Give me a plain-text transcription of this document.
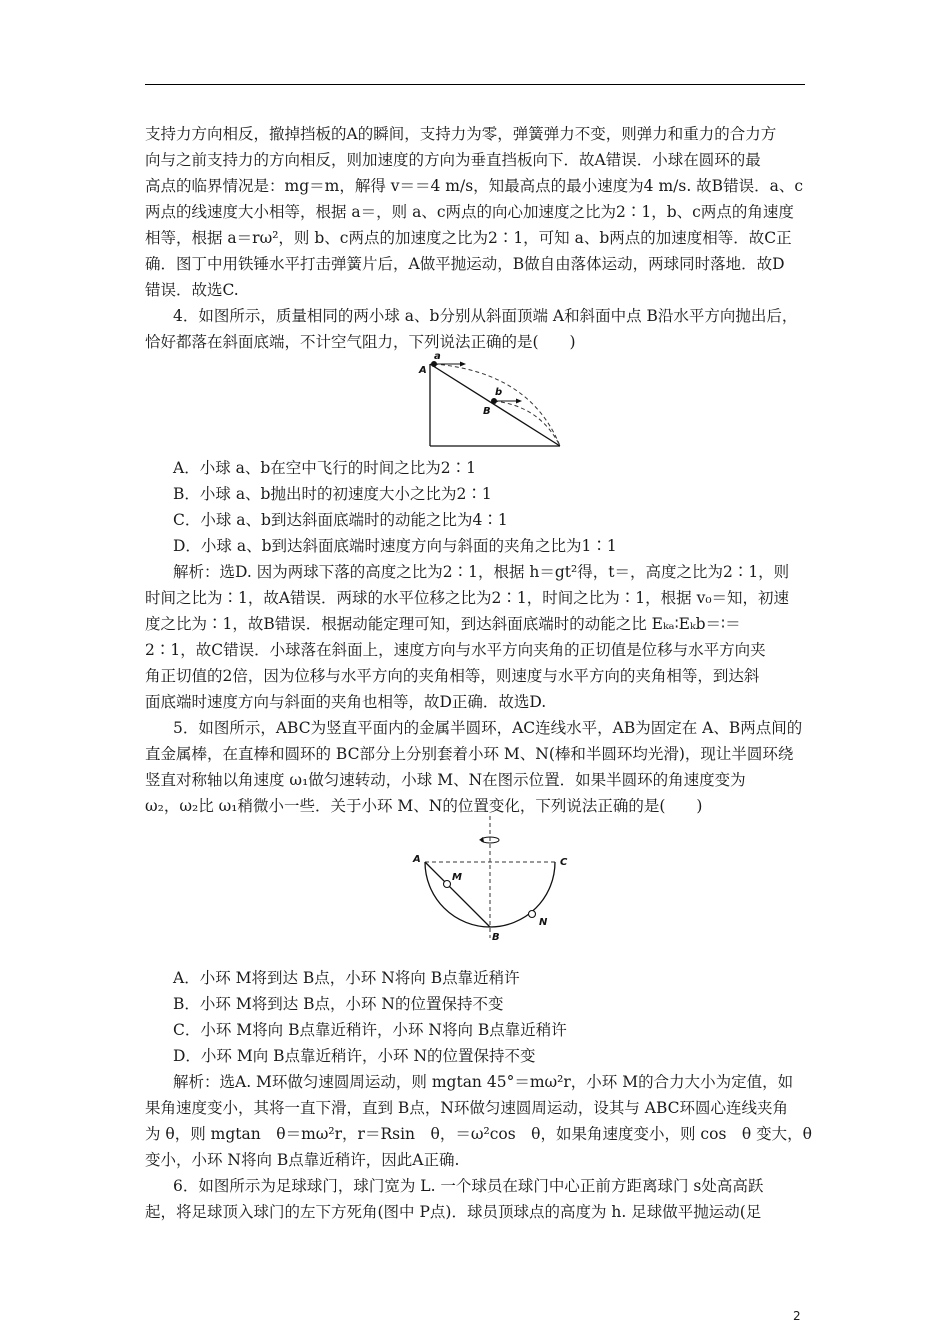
支持力方向相反，撤掉挡板的A的瞬间，支持力为零，弹簧弹力不变，则弹力和重力的合力方
向与之前支持力的方向相反，则加速度的方向为垂直挡板向下．故A错误．小球在圆环的最
高点的临界情况是：mg＝m，解得 v＝＝4 m/s，知最高点的最小速度为4 m/s. 故B错误．a、c
两点的线速度大小相等，根据 a＝，则 a、c两点的向心加速度之比为2∶1，b、c两点的角速度
相等，根据 a＝rω²，则 b、c两点的加速度之比为2∶1，可知 a、b两点的加速度相等．故C正
确．图丁中用铁锤水平打击弹簧片后，A做平抛运动，B做自由落体运动，两球同时落地．故D
错误．故选C.
4．如图所示，质量相同的两小球 a、b分别从斜面顶端 A和斜面中点 B沿水平方向抛出后，
恰好都落在斜面底端，不计空气阻力，下列说法正确的是(　　)
a
A
b
B
A．小球 a、b在空中飞行的时间之比为2∶1
B．小球 a、b抛出时的初速度大小之比为2∶1
C．小球 a、b到达斜面底端时的动能之比为4∶1
D．小球 a、b到达斜面底端时速度方向与斜面的夹角之比为1∶1
解析：选D. 因为两球下落的高度之比为2∶1，根据 h＝gt²得，t＝，高度之比为2∶1，则
时间之比为∶1，故A错误．两球的水平位移之比为2∶1，时间之比为∶1，根据 v₀＝知，初速
度之比为∶1，故B错误．根据动能定理可知，到达斜面底端时的动能之比 Eₖₐ∶Eₖb＝∶＝
2∶1，故C错误．小球落在斜面上，速度方向与水平方向夹角的正切值是位移与水平方向夹
角正切值的2倍，因为位移与水平方向的夹角相等，则速度与水平方向的夹角相等，到达斜
面底端时速度方向与斜面的夹角也相等，故D正确．故选D.
5．如图所示，ABC为竖直平面内的金属半圆环，AC连线水平，AB为固定在 A、B两点间的
直金属棒，在直棒和圆环的 BC部分上分别套着小环 M、N(棒和半圆环均光滑)，现让半圆环绕
竖直对称轴以角速度 ω₁做匀速转动，小球 M、N在图示位置．如果半圆环的角速度变为
ω₂，ω₂比 ω₁稍微小一些．关于小环 M、N的位置变化，下列说法正确的是(　　)
A	C
M
N
B
A．小环 M将到达 B点，小环 N将向 B点靠近稍许
B．小环 M将到达 B点，小环 N的位置保持不变
C．小环 M将向 B点靠近稍许，小环 N将向 B点靠近稍许
D．小环 M向 B点靠近稍许，小环 N的位置保持不变
解析：选A. M环做匀速圆周运动，则 mgtan 45°＝mω²r，小环 M的合力大小为定值，如
果角速度变小，其将一直下滑，直到 B点，N环做匀速圆周运动，设其与 ABC环圆心连线夹角
为 θ，则 mgtan　θ＝mω²r，r＝Rsin　θ，＝ω²cos　θ，如果角速度变小，则 cos　θ 变大，θ
变小，小环 N将向 B点靠近稍许，因此A正确.
6．如图所示为足球球门，球门宽为 L. 一个球员在球门中心正前方距离球门 s处高高跃
起，将足球顶入球门的左下方死角(图中 P点)．球员顶球点的高度为 h. 足球做平抛运动(足
2
